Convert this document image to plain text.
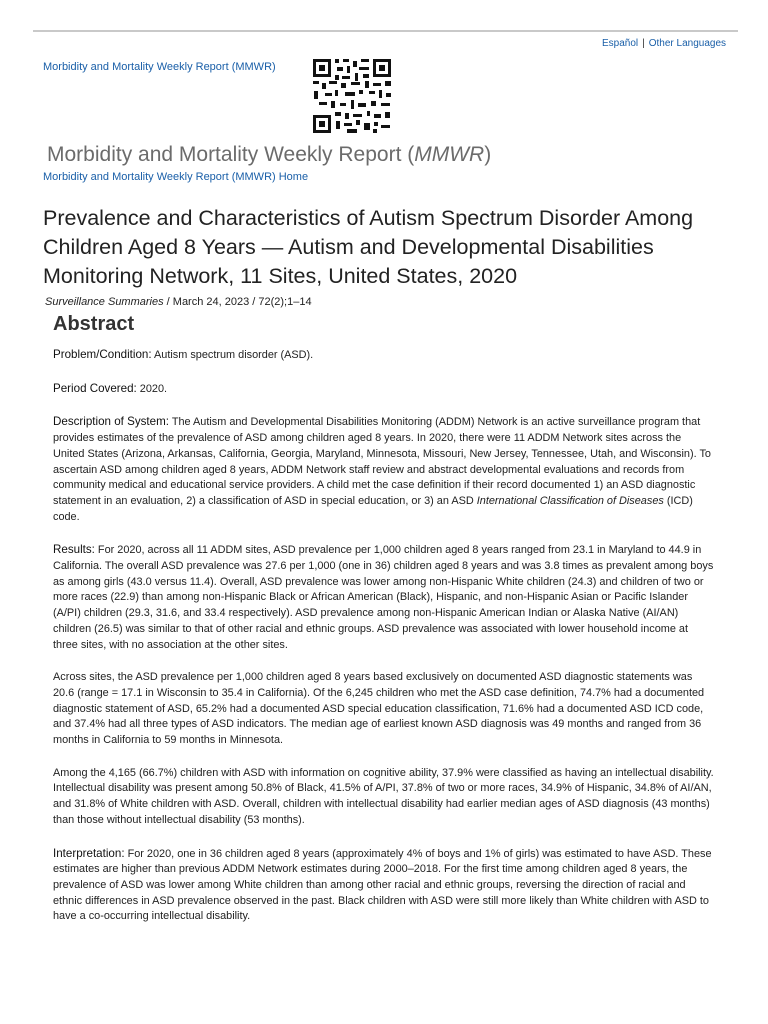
Español | Other Languages
Morbidity and Mortality Weekly Report (MMWR)
Morbidity and Mortality Weekly Report (MMWR)
Morbidity and Mortality Weekly Report (MMWR) Home
Prevalence and Characteristics of Autism Spectrum Disorder Among Children Aged 8 Years — Autism and Developmental Disabilities Monitoring Network, 11 Sites, United States, 2020
Surveillance Summaries / March 24, 2023 / 72(2);1–14
Abstract

Problem/Condition: Autism spectrum disorder (ASD).

Period Covered: 2020.

Description of System: The Autism and Developmental Disabilities Monitoring (ADDM) Network is an active surveillance program that provides estimates of the prevalence of ASD among children aged 8 years. In 2020, there were 11 ADDM Network sites across the United States (Arizona, Arkansas, California, Georgia, Maryland, Minnesota, Missouri, New Jersey, Tennessee, Utah, and Wisconsin). To ascertain ASD among children aged 8 years, ADDM Network staff review and abstract developmental evaluations and records from community medical and educational service providers. A child met the case definition if their record documented 1) an ASD diagnostic statement in an evaluation, 2) a classification of ASD in special education, or 3) an ASD International Classification of Diseases (ICD) code.

Results: For 2020, across all 11 ADDM sites, ASD prevalence per 1,000 children aged 8 years ranged from 23.1 in Maryland to 44.9 in California. The overall ASD prevalence was 27.6 per 1,000 (one in 36) children aged 8 years and was 3.8 times as prevalent among boys as among girls (43.0 versus 11.4). Overall, ASD prevalence was lower among non-Hispanic White children (24.3) and children of two or more races (22.9) than among non-Hispanic Black or African American (Black), Hispanic, and non-Hispanic Asian or Pacific Islander (A/PI) children (29.3, 31.6, and 33.4 respectively). ASD prevalence among non-Hispanic American Indian or Alaska Native (AI/AN) children (26.5) was similar to that of other racial and ethnic groups. ASD prevalence was associated with lower household income at three sites, with no association at the other sites.

Across sites, the ASD prevalence per 1,000 children aged 8 years based exclusively on documented ASD diagnostic statements was 20.6 (range = 17.1 in Wisconsin to 35.4 in California). Of the 6,245 children who met the ASD case definition, 74.7% had a documented diagnostic statement of ASD, 65.2% had a documented ASD special education classification, 71.6% had a documented ASD ICD code, and 37.4% had all three types of ASD indicators. The median age of earliest known ASD diagnosis was 49 months and ranged from 36 months in California to 59 months in Minnesota.

Among the 4,165 (66.7%) children with ASD with information on cognitive ability, 37.9% were classified as having an intellectual disability. Intellectual disability was present among 50.8% of Black, 41.5% of A/PI, 37.8% of two or more races, 34.9% of Hispanic, 34.8% of AI/AN, and 31.8% of White children with ASD. Overall, children with intellectual disability had earlier median ages of ASD diagnosis (43 months) than those without intellectual disability (53 months).

Interpretation: For 2020, one in 36 children aged 8 years (approximately 4% of boys and 1% of girls) was estimated to have ASD. These estimates are higher than previous ADDM Network estimates during 2000–2018. For the first time among children aged 8 years, the prevalence of ASD was lower among White children than among other racial and ethnic groups, reversing the direction of racial and ethnic differences in ASD prevalence observed in the past. Black children with ASD were still more likely than White children with ASD to have a co-occurring intellectual disability.
